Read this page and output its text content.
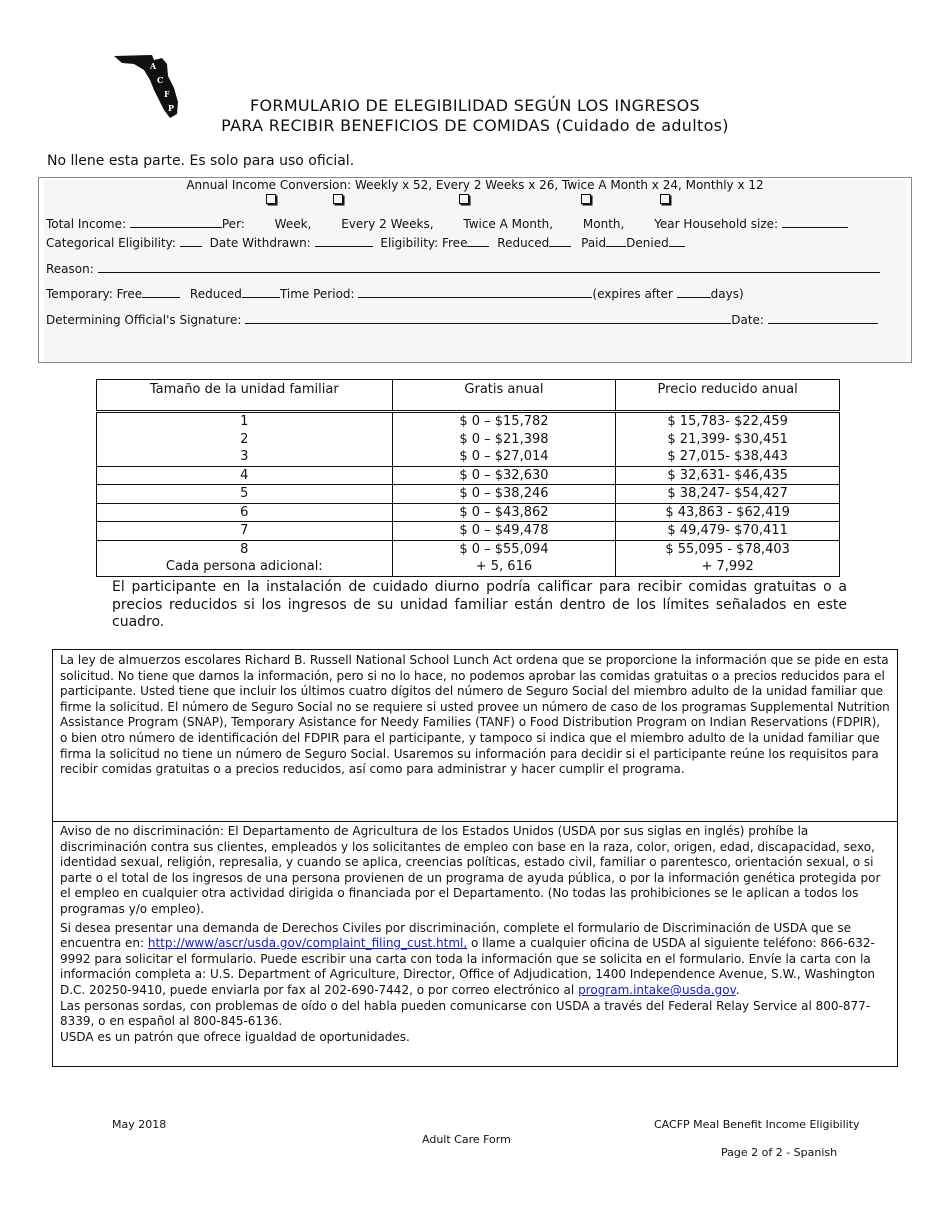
A
C
F
P	FORMULARIO DE ELEGIBILIDAD SEGÚN LOS INGRESOS
PARA RECIBIR BENEFICIOS DE COMIDAS (Cuidado de adultos)
No llene esta parte. Es solo para uso oficial.
Annual Income Conversion: Weekly x 52, Every 2 Weeks x 26, Twice A Month x 24, Monthly x 12
Total Income:	Per: Week, Every 2 Weeks, Twice A Month, Month, Year Household size:
Categorical Eligibility:	Date Withdrawn:	Eligibility: Free Reduced	Paid Denied
Reason:
Temporary: Free	Reduced	Time Period:	(expires after	days)
Determining Official's Signature:	Date:
Tamaño de la unidad familiar	Gratis anual	Precio reducido anual
1	$ 0 – $15,782	$ 15,783- $22,459
2	$ 0 – $21,398	$ 21,399- $30,451
3	$ 0 – $27,014	$ 27,015- $38,443
4	$ 0 – $32,630	$ 32,631- $46,435
5	$ 0 – $38,246	$ 38,247- $54,427
6	$ 0 – $43,862	$ 43,863 - $62,419
7	$ 0 – $49,478	$ 49,479- $70,411
8	$ 0 – $55,094	$ 55,095 - $78,403
Cada persona adicional:	+ 5, 616	+ 7,992
El participante en la instalación de cuidado diurno podría calificar para recibir comidas gratuitas o a precios reducidos si los ingresos de su unidad familiar están dentro de los límites señalados en este cuadro.

La ley de almuerzos escolares Richard B. Russell National School Lunch Act ordena que se proporcione la información que se pide en esta solicitud. No tiene que darnos la información, pero si no lo hace, no podemos aprobar las comidas gratuitas o a precios reducidos para el participante. Usted tiene que incluir los últimos cuatro dígitos del número de Seguro Social del miembro adulto de la unidad familiar que firme la solicitud. El número de Seguro Social no se requiere si usted provee un número de caso de los programas Supplemental Nutrition Assistance Program (SNAP), Temporary Asistance for Needy Families (TANF) o Food Distribution Program on Indian Reservations (FDPIR), o bien otro número de identificación del FDPIR para el participante, y tampoco si indica que el miembro adulto de la unidad familiar que firma la solicitud no tiene un número de Seguro Social. Usaremos su información para decidir si el participante reúne los requisitos para recibir comidas gratuitas o a precios reducidos, así como para administrar y hacer cumplir el programa.

Aviso de no discriminación: El Departamento de Agricultura de los Estados Unidos (USDA por sus siglas en inglés) prohíbe la discriminación contra sus clientes, empleados y los solicitantes de empleo con base en la raza, color, origen, edad, discapacidad, sexo, identidad sexual, religión, represalia, y cuando se aplica, creencias políticas, estado civil, familiar o parentesco, orientación sexual, o si parte o el total de los ingresos de una persona provienen de un programa de ayuda pública, o por la información genética protegida por el empleo en cualquier otra actividad dirigida o financiada por el Departamento. (No todas las prohibiciones se le aplican a todos los programas y/o empleo).

Si desea presentar una demanda de Derechos Civiles por discriminación, complete el formulario de Discriminación de USDA que se encuentra en: http://www/ascr/usda.gov/complaint_filing_cust.html, o llame a cualquier oficina de USDA al siguiente teléfono: 866-632-9992 para solicitar el formulario. Puede escribir una carta con toda la información que se solicita en el formulario. Envíe la carta con la información completa a: U.S. Department of Agriculture, Director, Office of Adjudication, 1400 Independence Avenue, S.W., Washington D.C. 20250-9410, puede enviarla por fax al 202-690-7442, o por correo electrónico al program.intake@usda.gov.

Las personas sordas, con problemas de oído o del habla pueden comunicarse con USDA a través del Federal Relay Service al 800-877-8339, o en español al 800-845-6136.

USDA es un patrón que ofrece igualdad de oportunidades.

May 2018	CACFP Meal Benefit Income Eligibility
Adult Care Form
Page 2 of 2 - Spanish
